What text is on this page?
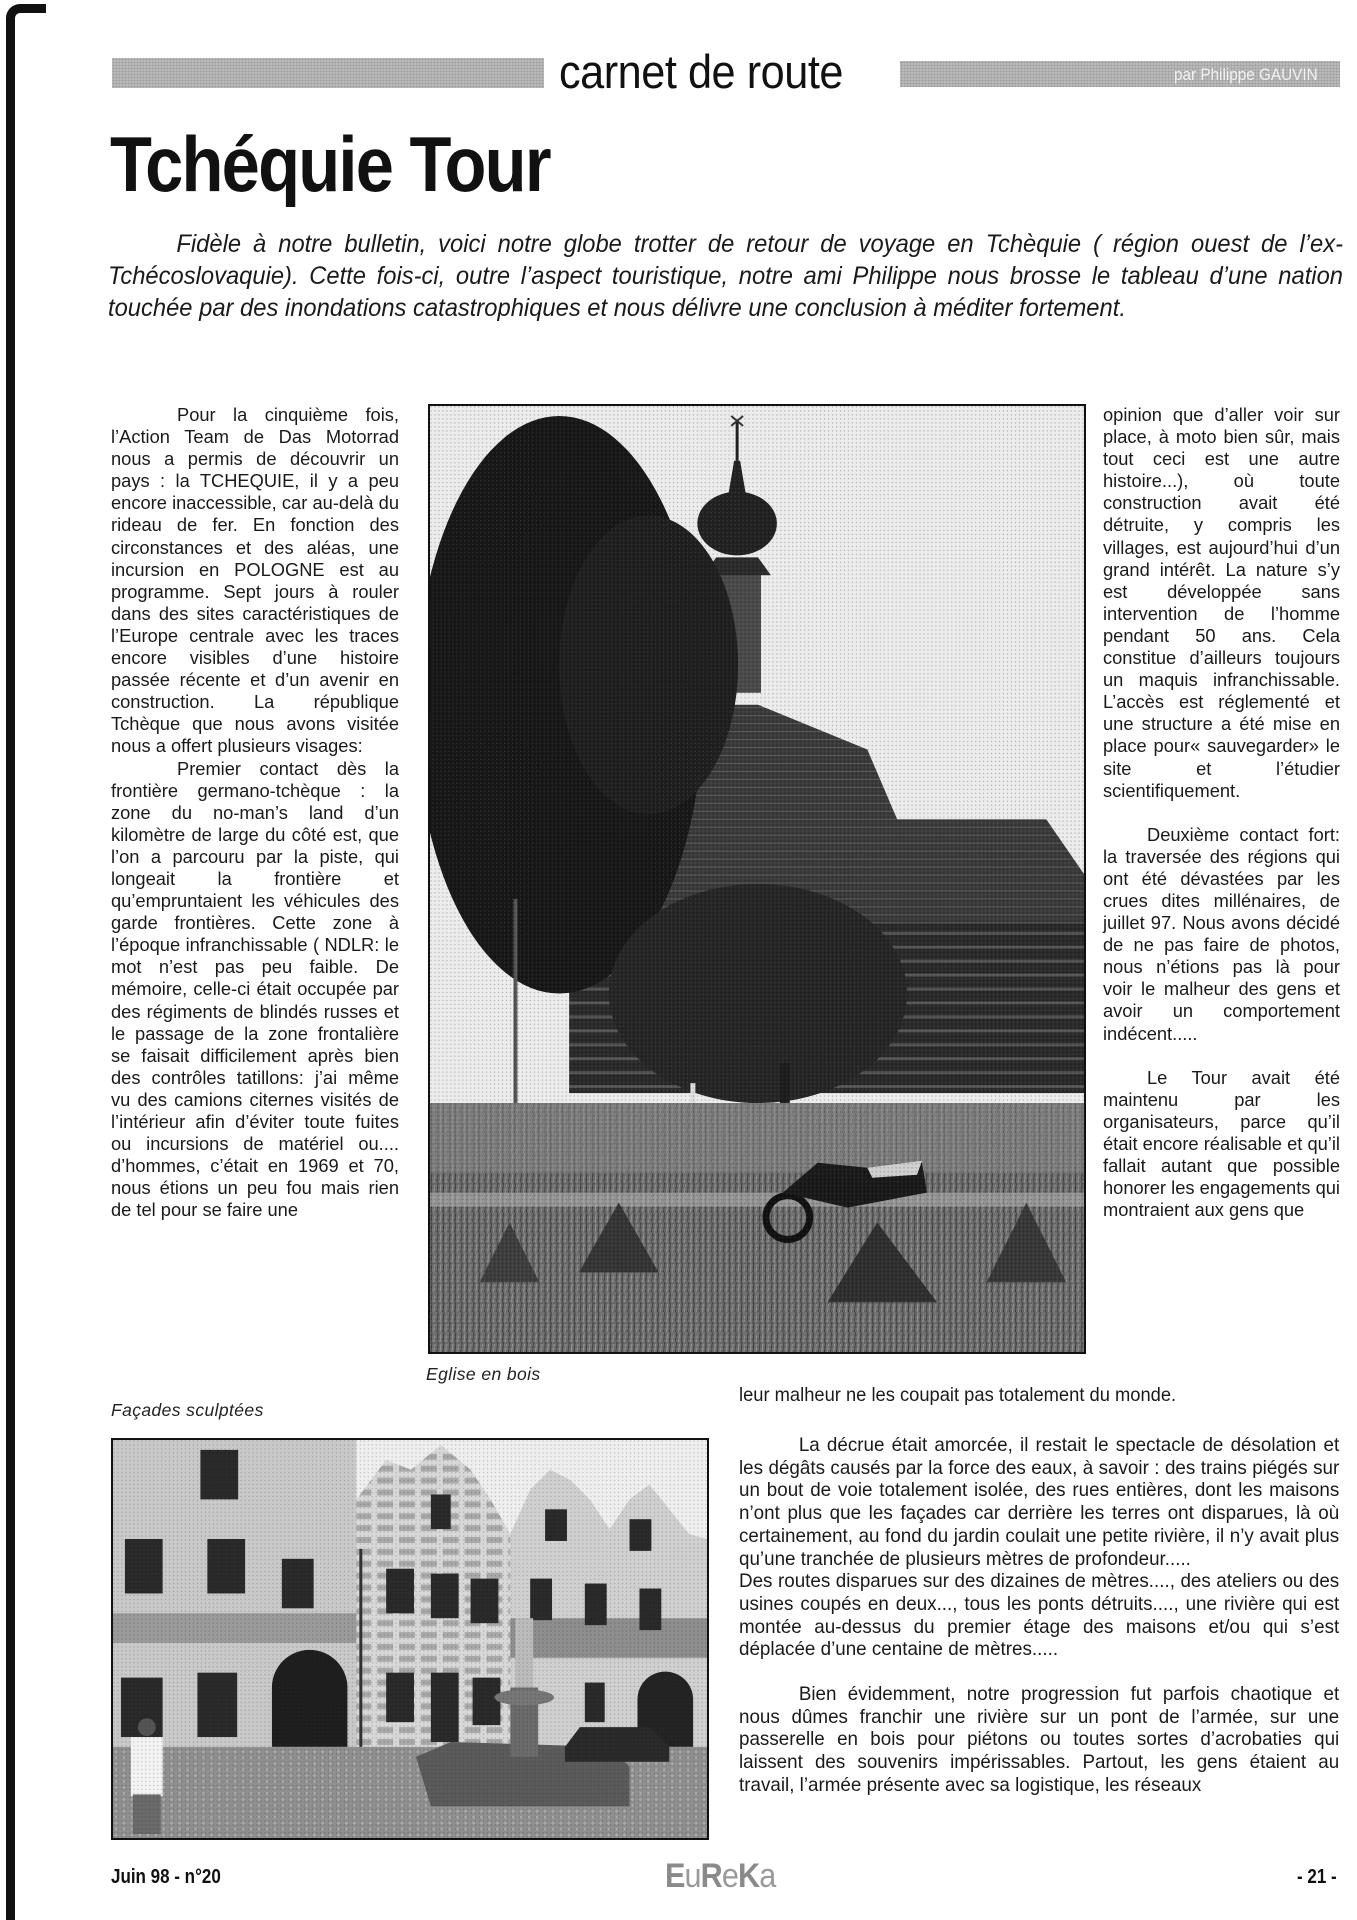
carnet de route	par Philippe GAUVIN
Tchéquie Tour

Fidèle à notre bulletin, voici notre globe trotter de retour de voyage en Tchèquie ( région ouest de l’ex-Tchécoslovaquie). Cette fois-ci, outre l’aspect touristique, notre ami Philippe nous brosse le tableau d’une nation touchée par des inondations catastrophiques et nous délivre une conclusion à méditer fortement.

Pour la cinquième fois, l’Action Team de Das Motorrad nous a permis de découvrir un pays : la TCHEQUIE, il y a peu encore inaccessible, car au-delà du rideau de fer. En fonction des circonstances et des aléas, une incursion en POLOGNE est au programme. Sept jours à rouler dans des sites caractéristiques de l’Europe centrale avec les traces encore visibles d’une histoire passée récente et d’un avenir en construction. La république Tchèque que nous avons visitée nous a offert plusieurs visages:

Premier contact dès la frontière germano-tchèque : la zone du no-man’s land d’un kilomètre de large du côté est, que l’on a parcouru par la piste, qui longeait la frontière et qu’empruntaient les véhicules des garde frontières. Cette zone à l’époque infranchissable ( NDLR: le mot n’est pas peu faible. De mémoire, celle-ci était occupée par des régiments de blindés russes et le passage de la zone frontalière se faisait difficilement après bien des contrôles tatillons: j’ai même vu des camions citernes visités de l’intérieur afin d’éviter toute fuites ou incursions de matériel ou.... d’hommes, c’était en 1969 et 70, nous étions un peu fou mais rien de tel pour se faire une

Eglise en bois

opinion que d’aller voir sur place, à moto bien sûr, mais tout ceci est une autre histoire...), où toute construction avait été détruite, y compris les villages, est aujourd’hui d’un grand intérêt. La nature s’y est développée sans intervention de l’homme pendant 50 ans. Cela constitue d’ailleurs toujours un maquis infranchissable. L’accès est réglementé et une structure a été mise en place pour« sauvegarder» le site et l’étudier scientifiquement.

Deuxième contact fort: la traversée des régions qui ont été dévastées par les crues dites millénaires, de juillet 97. Nous avons décidé de ne pas faire de photos, nous n’étions pas là pour voir le malheur des gens et avoir un comportement indécent.....

Le Tour avait été maintenu par les organisateurs, parce qu’il était encore réalisable et qu’il fallait autant que possible honorer les engagements qui montraient aux gens que

leur malheur ne les coupait pas totalement du monde.
Façades sculptées

La décrue était amorcée, il restait le spectacle de désolation et les dégâts causés par la force des eaux, à savoir : des trains piégés sur un bout de voie totalement isolée, des rues entières, dont les maisons n’ont plus que les façades car derrière les terres ont disparues, là où certainement, au fond du jardin coulait une petite rivière, il n’y avait plus qu’une tranchée de plusieurs mètres de profondeur.....

Des routes disparues sur des dizaines de mètres...., des ateliers ou des usines coupés en deux..., tous les ponts détruits...., une rivière qui est montée au-dessus du premier étage des maisons et/ou qui s’est déplacée d’une centaine de mètres.....

Bien évidemment, notre progression fut parfois chaotique et nous dûmes franchir une rivière sur un pont de l’armée, sur une passerelle en bois pour piétons ou toutes sortes d’acrobaties qui laissent des souvenirs impérissables. Partout, les gens étaient au travail, l’armée présente avec sa logistique, les réseaux

Juin 98 - n°20	EuReKa	- 21 -
